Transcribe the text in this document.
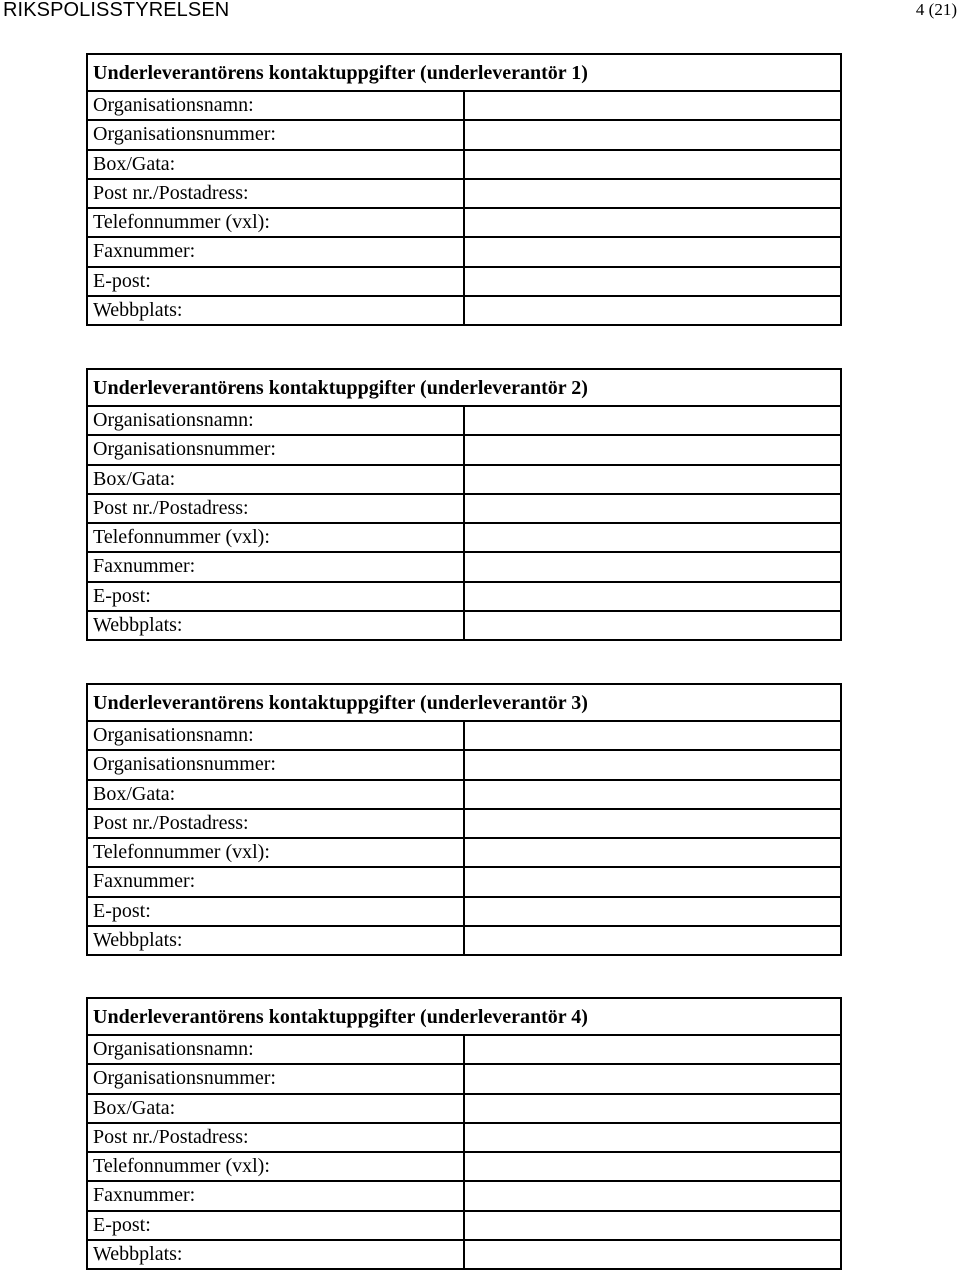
RIKSPOLISSTYRELSEN	4 (21)
Underleverantörens kontaktuppgifter (underleverantör 1)	
Organisationsnamn:	
Organisationsnummer:	
Box/Gata:	
Post nr./Postadress:	
Telefonnummer (vxl):	
Faxnummer:	
E-post:	
Webbplats:	
Underleverantörens kontaktuppgifter (underleverantör 2)	
Organisationsnamn:	
Organisationsnummer:	
Box/Gata:	
Post nr./Postadress:	
Telefonnummer (vxl):	
Faxnummer:	
E-post:	
Webbplats:	
Underleverantörens kontaktuppgifter (underleverantör 3)	
Organisationsnamn:	
Organisationsnummer:	
Box/Gata:	
Post nr./Postadress:	
Telefonnummer (vxl):	
Faxnummer:	
E-post:	
Webbplats:	
Underleverantörens kontaktuppgifter (underleverantör 4)	
Organisationsnamn:	
Organisationsnummer:	
Box/Gata:	
Post nr./Postadress:	
Telefonnummer (vxl):	
Faxnummer:	
E-post:	
Webbplats:	
